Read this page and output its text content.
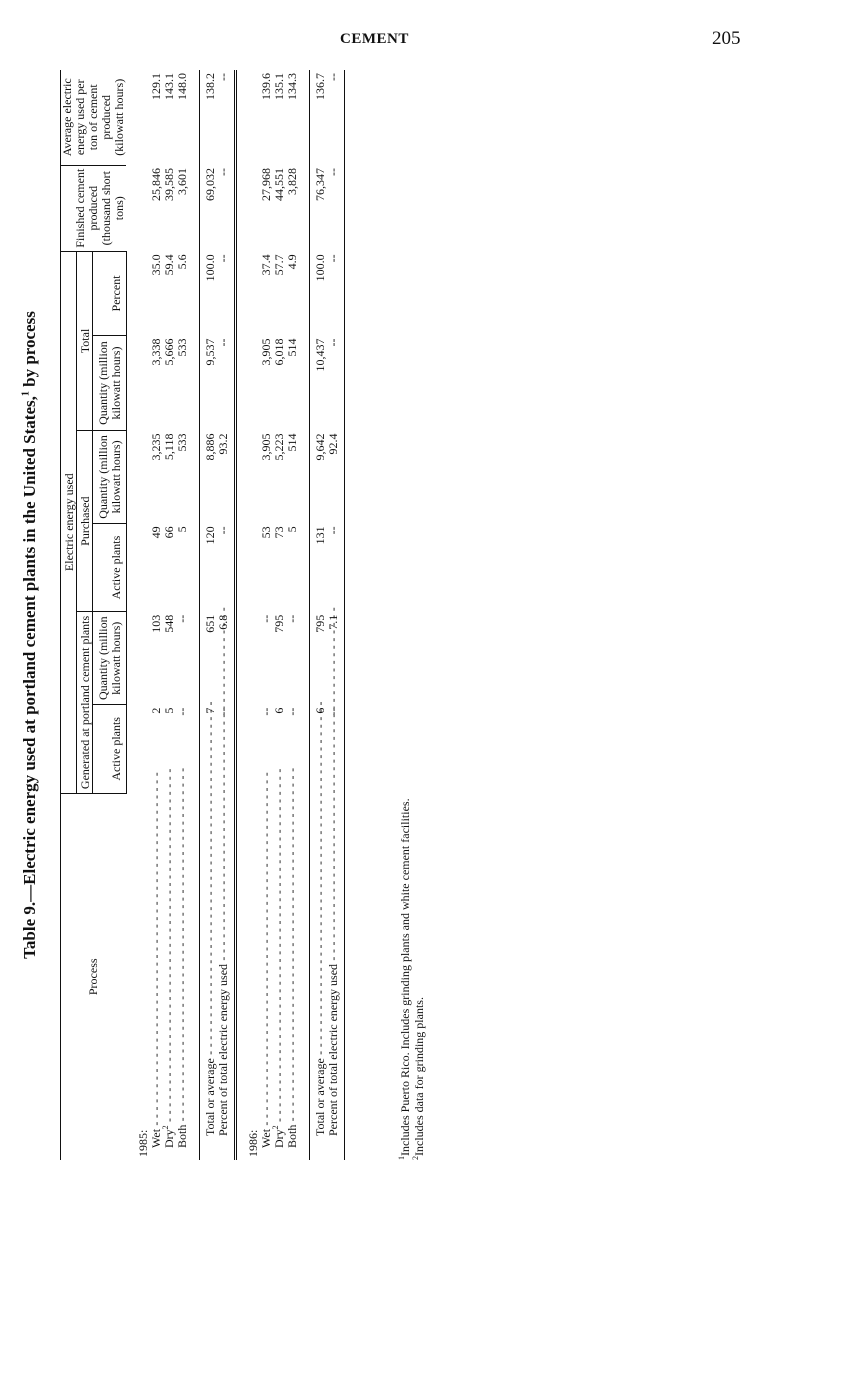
CEMENT	205
Table 9.—Electric energy used at portland cement plants in the United States,$^1$ by process
Process	Electric energy used						Finished cement produced (thousand short tons)	Average electric energy used per ton of cement produced (kilowatt hours)
	Generated at portland cement plants		Purchased		Total			
	Active plants	Quantity (million kilowatt hours)	Active plants	Quantity (million kilowatt hours)	Quantity (million kilowatt hours)	Percent		

1985:								
Wet - - -	2	103	49	3,235	3,338	35.0	25,846	129.1
Dry$^2$ - - -	5	548	66	5,118	5,666	59.4	39,585	143.1
Both - - -	--	--	5	533	533	5.6	3,601	148.0

Total or average - - -	7	651	120	8,886	9,537	100.0	69,032	138.2
Percent of total electric energy used - - -	--	6.8	--	93.2	--	--	--	--

1986:								
Wet - - -	--	--	53	3,905	3,905	37.4	27,968	139.6
Dry$^2$ - - -	6	795	73	5,223	6,018	57.7	44,551	135.1
Both - - -	--	--	5	514	514	4.9	3,828	134.3

Total or average - - -	6	795	131	9,642	10,437	100.0	76,347	136.7
Percent of total electric energy used - - -	--	7.1	--	92.4	--	--	--	--

$^1$Includes Puerto Rico. Includes grinding plants and white cement facilities.
$^2$Includes data for grinding plants.
